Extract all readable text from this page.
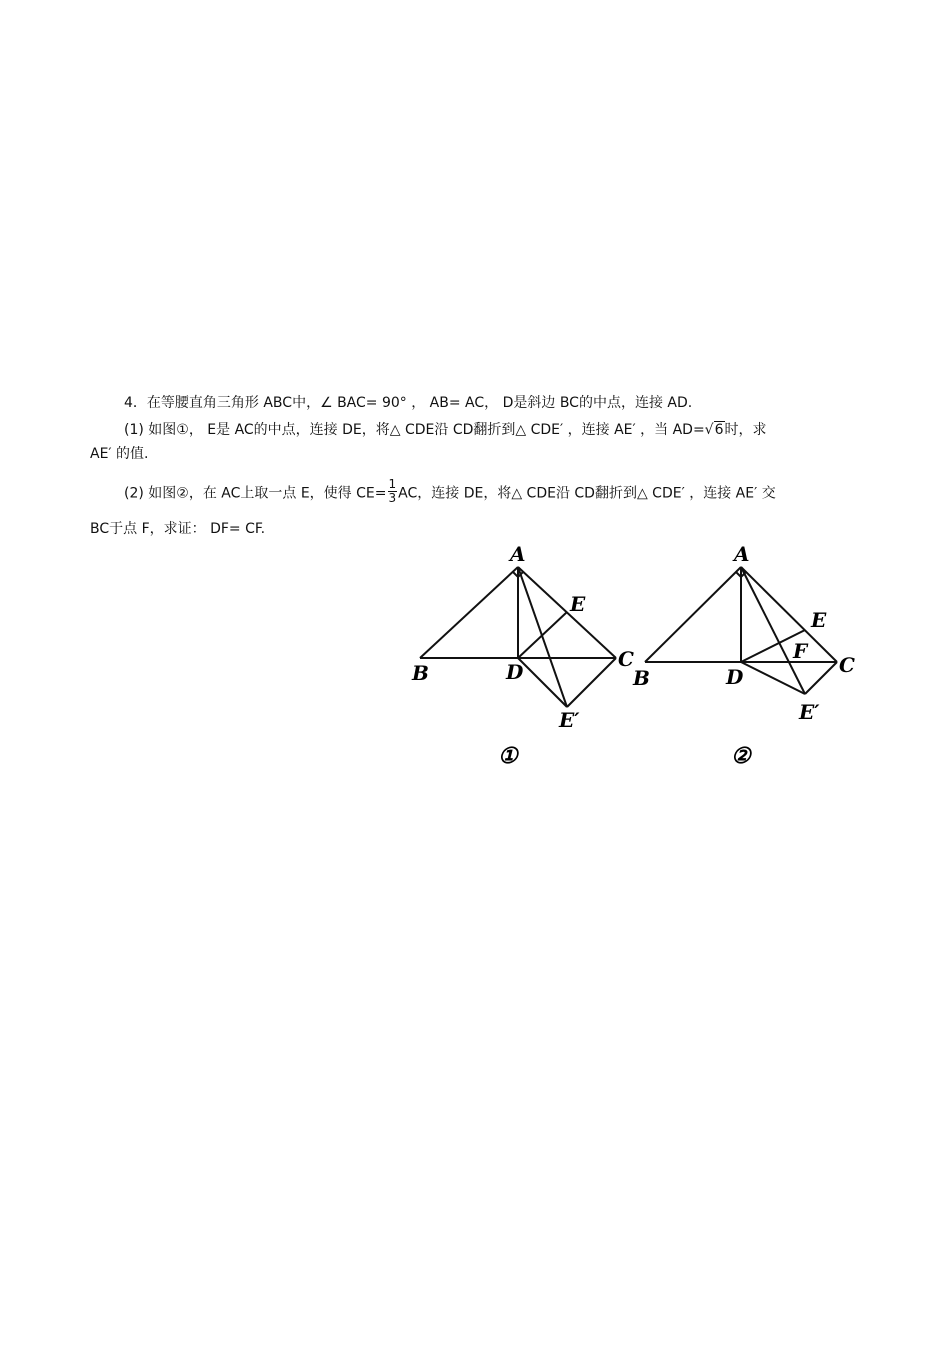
4．在等腰直角三角形 ABC中，∠ BAC= 90° ， AB= AC， D是斜边 BC的中点，连接 AD.
(1) 如图①， E是 AC的中点，连接 DE，将△ CDE沿 CD翻折到△ CDE′ ，连接 AE′ ，当 AD=√6时，求
AE′ 的值.
(2) 如图②，在 AC上取一点 E，使得 $CE= \frac{1}{3}$ AC，连接 DE，将△ CDE沿 CD翻折到△ CDE′ ，连接 AE′ 交
BC于点 F，求证： DF= CF.
A
B
C
D
E
E′
①
A
B
C
D
E
F
E′
②
